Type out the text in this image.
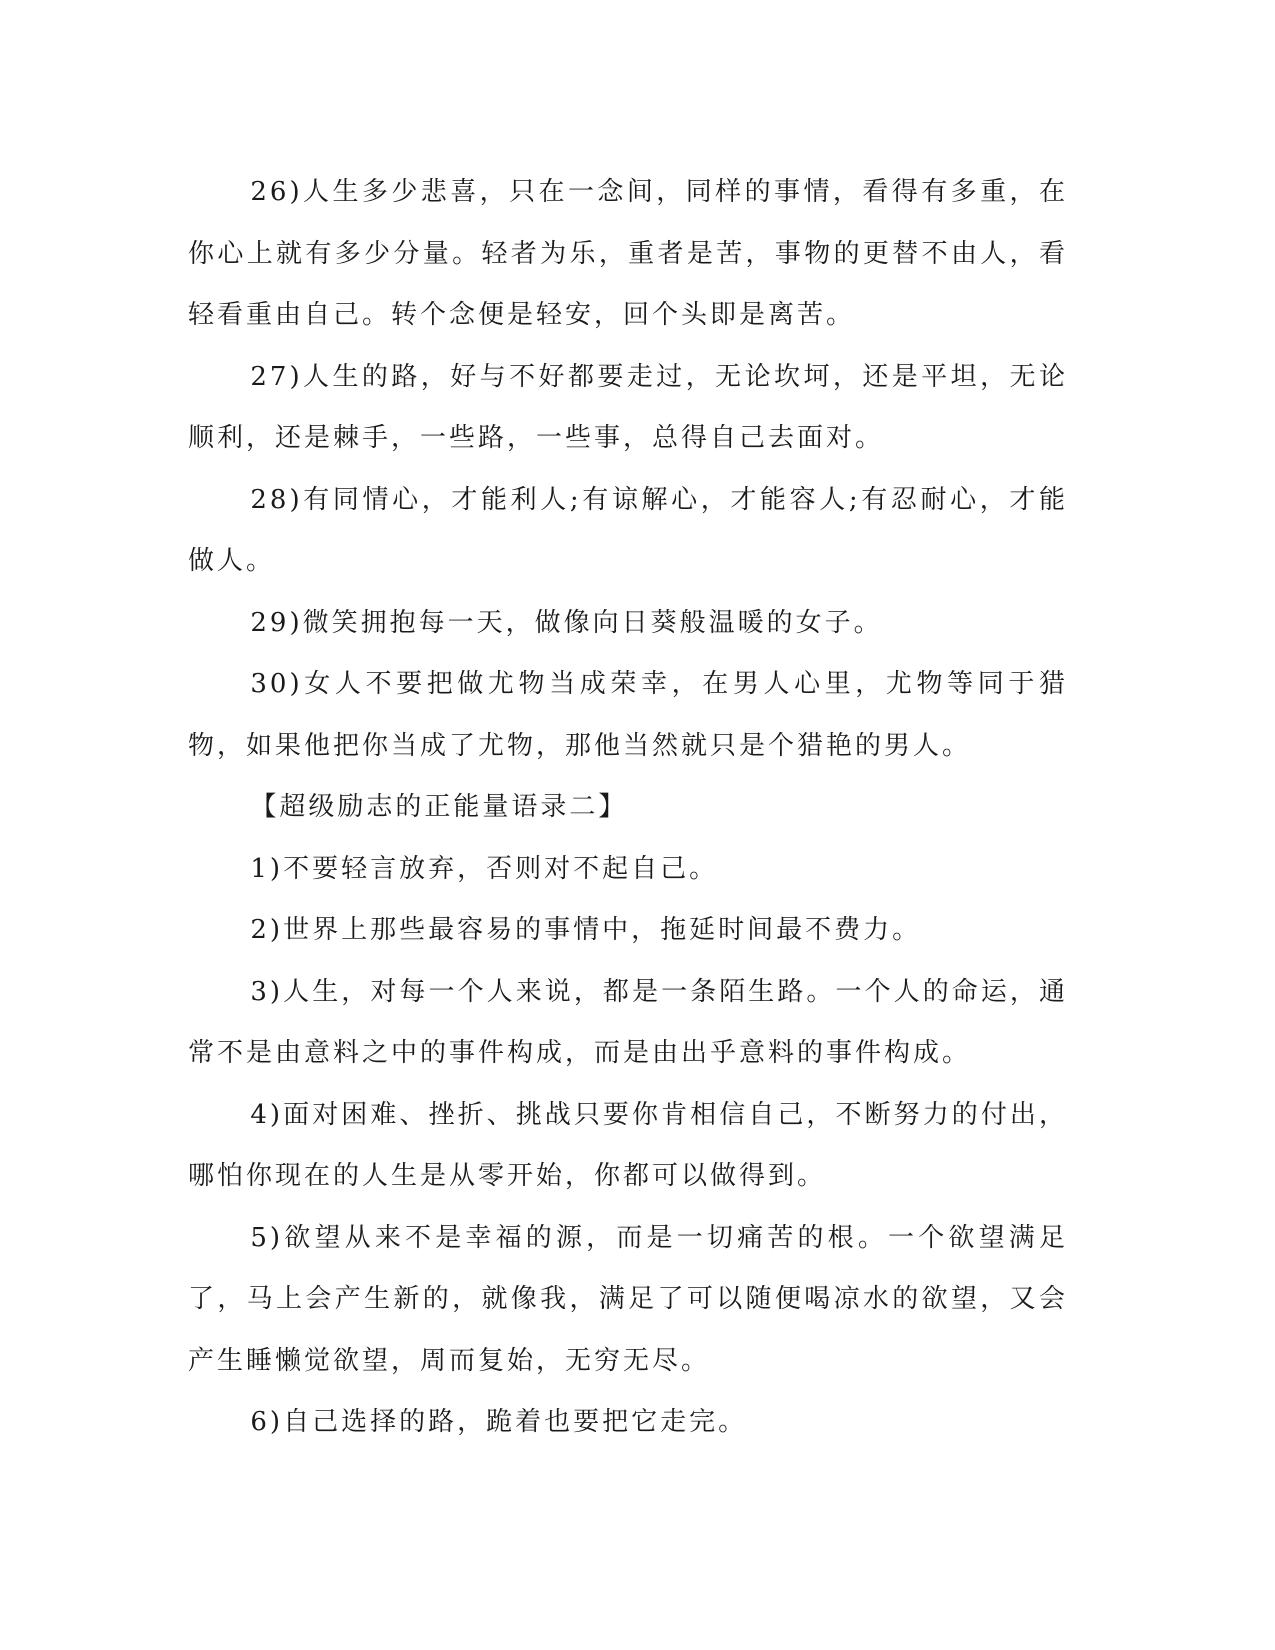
26)人生多少悲喜，只在一念间，同样的事情，看得有多重，在你心上就有多少分量。轻者为乐，重者是苦，事物的更替不由人，看轻看重由自己。转个念便是轻安，回个头即是离苦。

27)人生的路，好与不好都要走过，无论坎坷，还是平坦，无论顺利，还是棘手，一些路，一些事，总得自己去面对。

28)有同情心，才能利人;有谅解心，才能容人;有忍耐心，才能做人。

29)微笑拥抱每一天，做像向日葵般温暖的女子。

30)女人不要把做尤物当成荣幸，在男人心里，尤物等同于猎物，如果他把你当成了尤物，那他当然就只是个猎艳的男人。

【超级励志的正能量语录二】

1)不要轻言放弃，否则对不起自己。

2)世界上那些最容易的事情中，拖延时间最不费力。

3)人生，对每一个人来说，都是一条陌生路。一个人的命运，通常不是由意料之中的事件构成，而是由出乎意料的事件构成。

4)面对困难、挫折、挑战只要你肯相信自己，不断努力的付出，哪怕你现在的人生是从零开始，你都可以做得到。

5)欲望从来不是幸福的源，而是一切痛苦的根。一个欲望满足了，马上会产生新的，就像我，满足了可以随便喝凉水的欲望，又会产生睡懒觉欲望，周而复始，无穷无尽。

6)自己选择的路，跪着也要把它走完。
